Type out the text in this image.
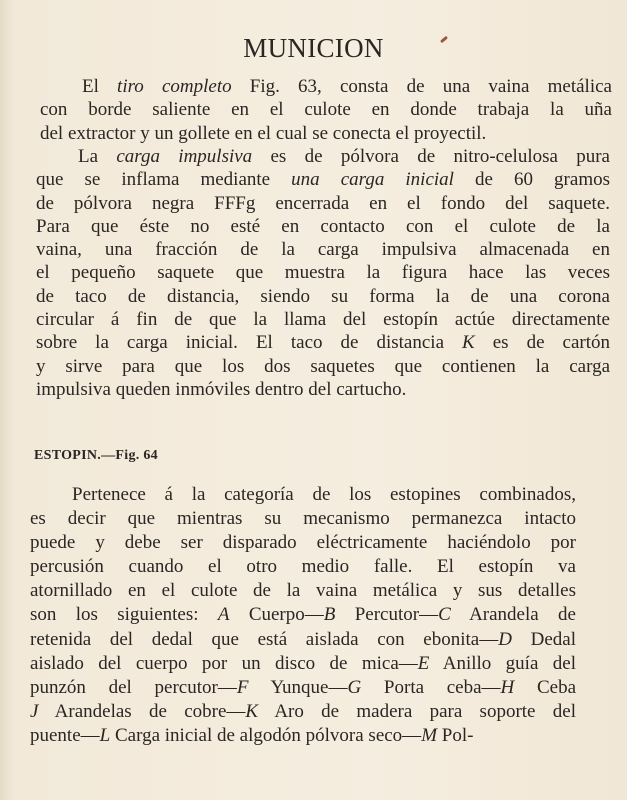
MUNICION
El tiro completo Fig. 63, consta de una vaina metálica
con borde saliente en el culote en donde trabaja la uña
del extractor y un gollete en el cual se conecta el proyectil.
La carga impulsiva es de pólvora de nitro-celulosa pura
que se inflama mediante una carga inicial de 60 gramos
de pólvora negra FFFg encerrada en el fondo del saquete.
Para que éste no esté en contacto con el culote de la
vaina, una fracción de la carga impulsiva almacenada en
el pequeño saquete que muestra la figura hace las veces
de taco de distancia, siendo su forma la de una corona
circular á fin de que la llama del estopín actúe directamente
sobre la carga inicial. El taco de distancia K es de cartón
y sirve para que los dos saquetes que contienen la carga
impulsiva queden inmóviles dentro del cartucho.
ESTOPIN.—Fig. 64
Pertenece á la categoría de los estopines combinados,
es decir que mientras su mecanismo permanezca intacto
puede y debe ser disparado eléctricamente haciéndolo por
percusión cuando el otro medio falle. El estopín va
atornillado en el culote de la vaina metálica y sus detalles
son los siguientes: A Cuerpo—B Percutor—C Arandela de
retenida del dedal que está aislada con ebonita—D Dedal
aislado del cuerpo por un disco de mica—E Anillo guía del
punzón del percutor—F Yunque—G Porta ceba—H Ceba
J Arandelas de cobre—K Aro de madera para soporte del
puente—L Carga inicial de algodón pólvora seco—M Pol-
